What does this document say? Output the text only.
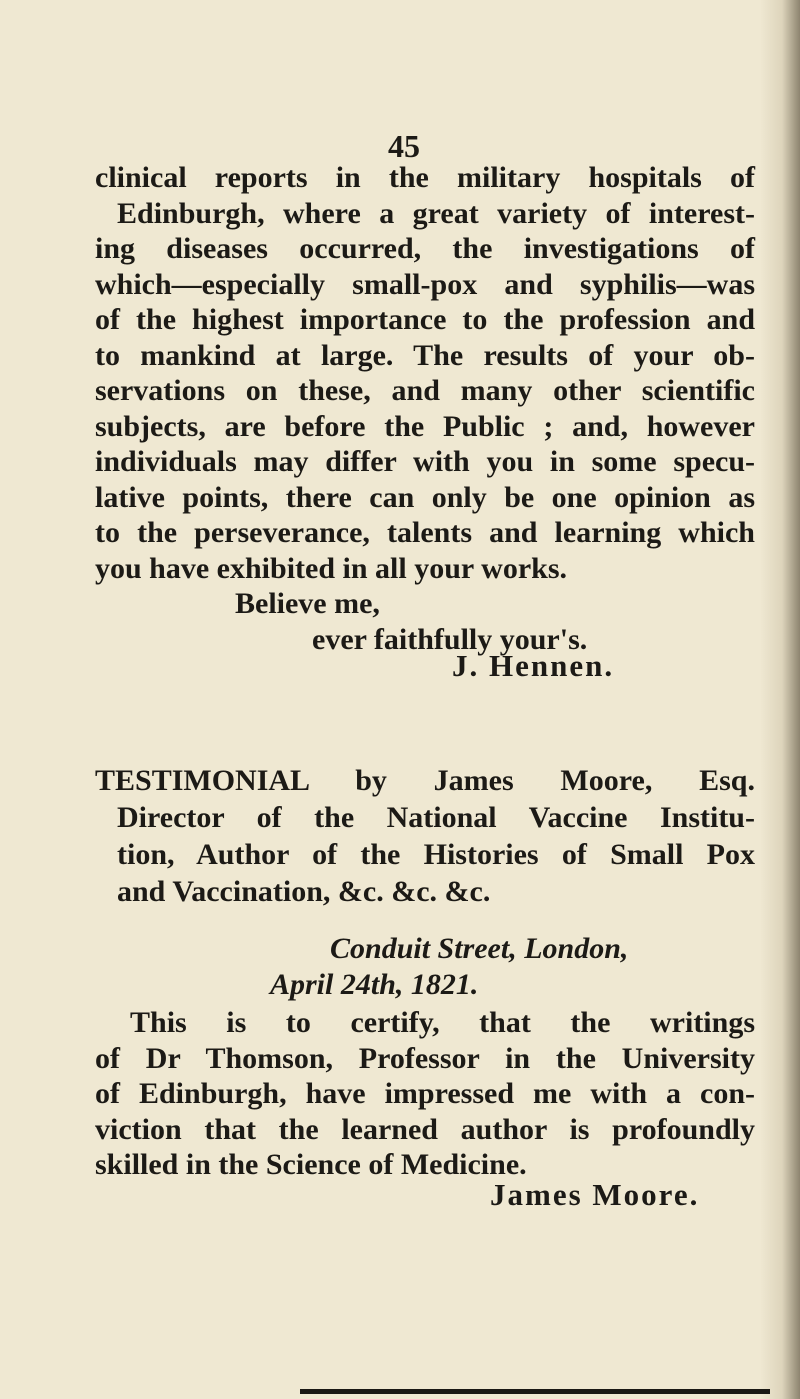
45
clinical reports in the military hospitals of
Edinburgh, where a great variety of interest-
ing diseases occurred, the investigations of
which—especially small-pox and syphilis—was
of the highest importance to the profession and
to mankind at large. The results of your ob-
servations on these, and many other scientific
subjects, are before the Public ; and, however
individuals may differ with you in some specu-
lative points, there can only be one opinion as
to the perseverance, talents and learning which
you have exhibited in all your works.
Believe me,
ever faithfully your's.
J. Hennen.
TESTIMONIAL by James Moore, Esq.
Director of the National Vaccine Institu-
tion, Author of the Histories of Small Pox
and Vaccination, &c. &c. &c.
Conduit Street, London,
April 24th, 1821.
This is to certify, that the writings
of Dr Thomson, Professor in the University
of Edinburgh, have impressed me with a con-
viction that the learned author is profoundly
skilled in the Science of Medicine.
James Moore.
